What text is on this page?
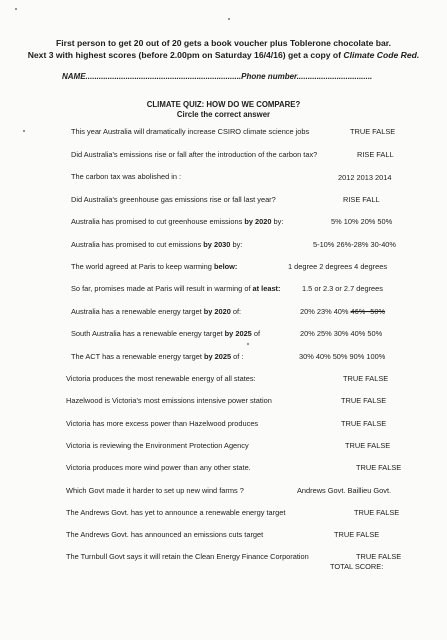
First person to get 20 out of 20 gets a book voucher plus Toblerone chocolate bar.
Next 3 with highest scores (before 2.00pm on Saturday 16/4/16) get a copy of Climate Code Red.
NAME......................................................................Phone number..................................
CLIMATE QUIZ: HOW DO WE COMPARE?
Circle the correct answer
This year Australia will dramatically increase CSIRO climate science jobs	TRUE FALSE
Did Australia's emissions rise or fall after the introduction of the carbon tax?	RISE FALL
The carbon tax was abolished in :	2012 2013 2014
Did Australia's greenhouse gas emissions rise or fall last year?	RISE FALL
Australia has promised to cut greenhouse emissions by 2020 by:	5% 10% 20% 50%
Australia has promised to cut emissions by 2030 by:	5-10% 26%-28% 30-40%
The world agreed at Paris to keep warming below:	1 degree 2 degrees 4 degrees
So far, promises made at Paris will result in warming of at least:	1.5 or 2.3 or 2.7 degrees
Australia has a renewable energy target by 2020 of:	20% 23% 40% 46%--50%
South Australia has a renewable energy target by 2025 of	20% 25% 30% 40% 50%
The ACT has a renewable energy target by 2025 of :	30% 40% 50% 90% 100%
Victoria produces the most renewable energy of all states:	TRUE FALSE
Hazelwood is Victoria's most emissions intensive power station	TRUE FALSE
Victoria has more excess power than Hazelwood produces	TRUE FALSE
Victoria is reviewing the Environment Protection Agency	TRUE FALSE
Victoria produces more wind power than any other state.	TRUE FALSE
Which Govt made it harder to set up new wind farms ?	Andrews Govt. Baillieu Govt.
The Andrews Govt. has yet to announce a renewable energy target	TRUE FALSE
The Andrews Govt. has announced an emissions cuts target	TRUE FALSE
The Turnbull Govt says it will retain the Clean Energy Finance Corporation	TRUE FALSE
TOTAL SCORE:
